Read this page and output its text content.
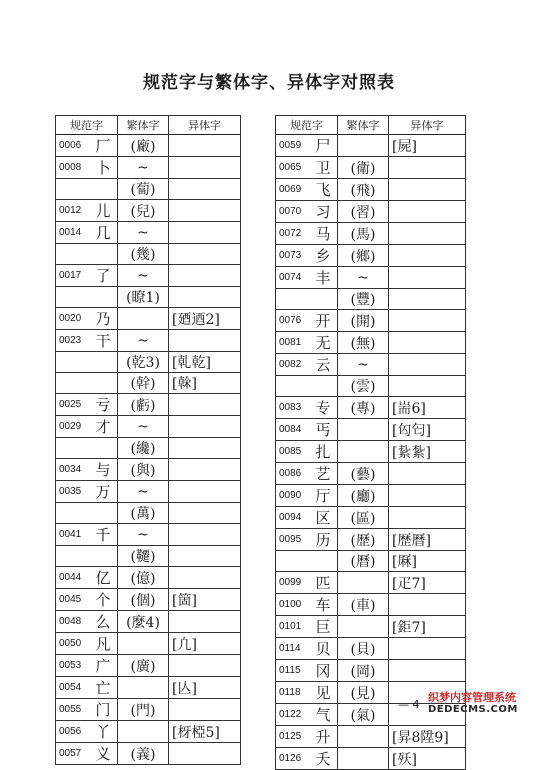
规范字与繁体字、异体字对照表
规范字		繁体字	异体字
0006	厂	(廠)	
0008	卜	~	
		(蔔)	
0012	儿	(兒)	
0014	几	~	
		(幾)	
0017	了	~	
		(瞭1)	
0020	乃		[廼迺2]
0023	干	~	
		(乾3)	[乹乾]
		(幹)	[榦]
0025	亏	(虧)	
0029	才	~	
		(纔)	
0034	与	(與)	
0035	万	~	
		(萬)	
0041	千	~	
		(韆)	
0044	亿	(億)	
0045	个	(個)	[箇]
0048	么	(麼4)	
0050	凡		[凢]
0053	广	(廣)	
0054	亡		[亾]
0055	门	(門)	
0056	丫		[枒椏5]
0057	义	(義)	
规范字		繁体字	异体字
0059	尸		[屍]
0065	卫	(衛)	
0069	飞	(飛)	
0070	习	(習)	
0072	马	(馬)	
0073	乡	(鄉)	
0074	丰	~	
		(豐)	
0076	开	(開)	
0081	无	(無)	
0082	云	~	
		(雲)	
0083	专	(專)	[耑6]
0084	丐		[匃匄]
0085	扎		[紥紮]
0086	艺	(藝)	
0090	厅	(廳)	
0094	区	(區)	
0095	历	(歷)	[歴曆]
		(曆)	[厤]
0099	匹		[疋7]
0100	车	(車)	
0101	巨		[鉅7]
0114	贝	(貝)	
0115	冈	(岡)	
0118	见	(見)	
0122	气	(氣)	
0125	升		[昇8陞9]
0126	夭		[殀]
— 4
织梦内容管理系统
DEDECMS.COM
